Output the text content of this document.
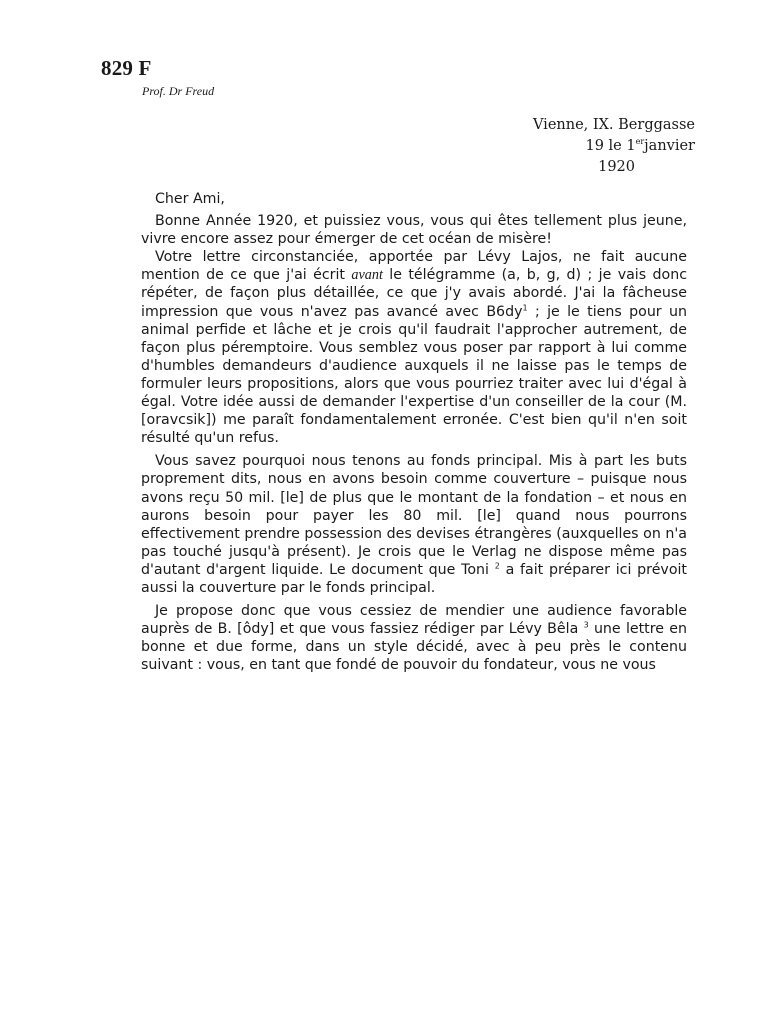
829 F
Prof. Dr Freud
Vienne, IX. Berggasse
19 le 1erjanvier
1920

Cher Ami,

Bonne Année 1920, et puissiez vous, vous qui êtes tellement plus jeune, vivre encore assez pour émerger de cet océan de misère!

Votre lettre circonstanciée, apportée par Lévy Lajos, ne fait aucune mention de ce que j'ai écrit avant le télégramme (a, b, g, d) ; je vais donc répéter, de façon plus détaillée, ce que j'y avais abordé. J'ai la fâcheuse impression que vous n'avez pas avancé avec $B6dy^1$ ; je le tiens pour un animal perfide et lâche et je crois qu'il faudrait l'approcher autrement, de façon plus péremptoire. Vous semblez vous poser par rapport à lui comme d'humbles demandeurs d'audience auxquels il ne laisse pas le temps de formuler leurs propositions, alors que vous pourriez traiter avec lui d'égal à égal. Votre idée aussi de demander l'expertise d'un conseiller de la cour (M. [oravcsik]) me paraît fondamentalement erronée. C'est bien qu'il n'en soit résulté qu'un refus.

Vous savez pourquoi nous tenons au fonds principal. Mis à part les buts proprement dits, nous en avons besoin comme couverture – puisque nous avons reçu 50 mil. [le] de plus que le montant de la fondation – et nous en aurons besoin pour payer les 80 mil. [le] quand nous pourrons effectivement prendre possession des devises étrangères (auxquelles on n'a pas touché jusqu'à présent). Je crois que le Verlag ne dispose même pas d'autant d'argent liquide. Le document que Toni $^2$ a fait préparer ici prévoit aussi la couverture par le fonds principal.

Je propose donc que vous cessiez de mendier une audience favorable auprès de B. [ôdy] et que vous fassiez rédiger par Lévy Bêla $^3$ une lettre en bonne et due forme, dans un style décidé, avec à peu près le contenu suivant : vous, en tant que fondé de pouvoir du fondateur, vous ne vous
